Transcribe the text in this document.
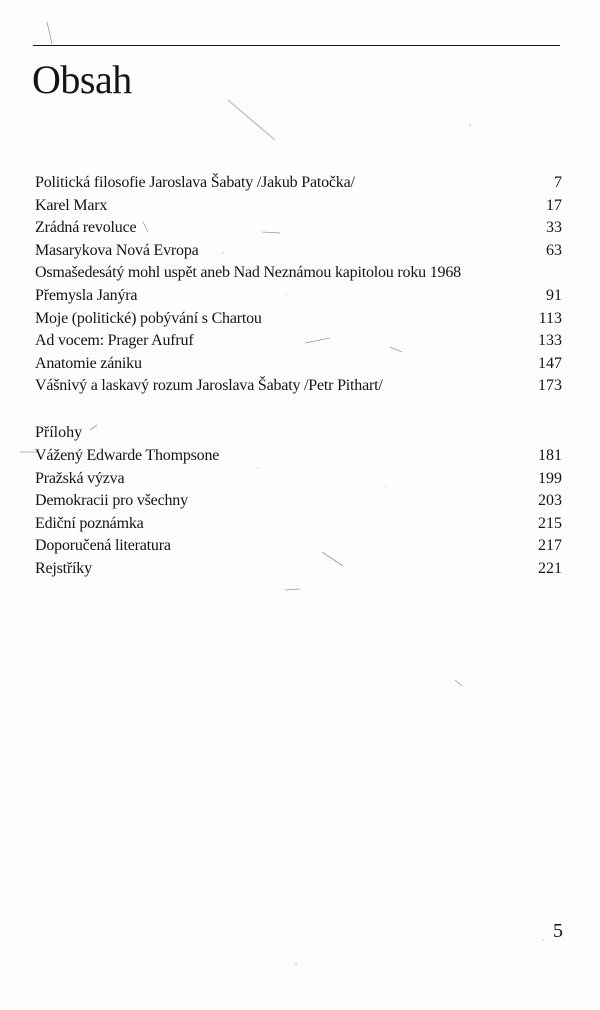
Obsah
Politická filosofie Jaroslava Šabaty /Jakub Patočka/	7
Karel Marx	17
Zrádná revoluce	33
Masarykova Nová Evropa	63
Osmašedesátý mohl uspět aneb Nad Neznámou kapitolou roku 1968
Přemysla Janýra	91
Moje (politické) pobývání s Chartou	113
Ad vocem: Prager Aufruf	133
Anatomie zániku	147
Vášnivý a laskavý rozum Jaroslava Šabaty /Petr Pithart/	173
Přílohy
Vážený Edwarde Thompsone	181
Pražská výzva	199
Demokracii pro všechny	203
Ediční poznámka	215
Doporučená literatura	217
Rejstříky	221
5
